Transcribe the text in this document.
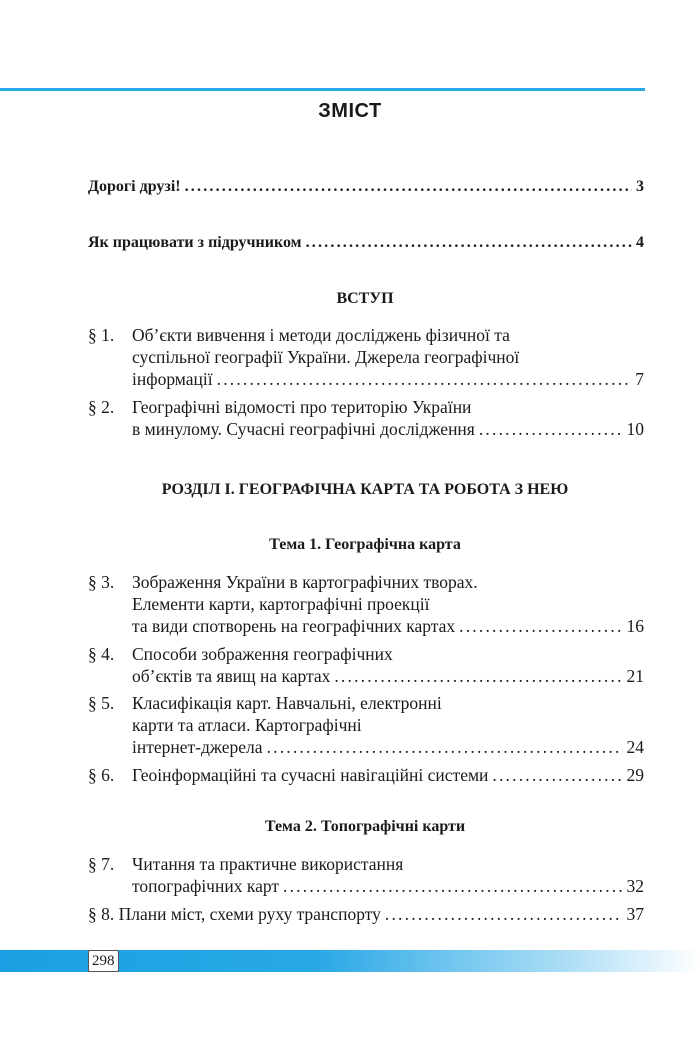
ЗМІСТ
Дорогі друзі! .....	3
Як працювати з підручником .....	4
ВСТУП
§ 1.	Об’єкти вивчення і методи досліджень фізичної та
суспільної географії України. Джерела географічної
інформації .....	7
§ 2.	Географічні відомості про територію України
в минулому. Сучасні географічні дослідження .....	10
РОЗДІЛ І. ГЕОГРАФІЧНА КАРТА ТА РОБОТА З НЕЮ
Тема 1. Географічна карта
§ 3.	Зображення України в картографічних творах.
Елементи карти, картографічні проекції
та види спотворень на географічних картах .....	16
§ 4.	Способи зображення географічних
об’єктів та явищ на картах .....	21
§ 5.	Класифікація карт. Навчальні, електронні
карти та атласи. Картографічні
інтернет-джерела .....	24
§ 6.	Геоінформаційні та сучасні навігаційні системи .....	29
Тема 2. Топографічні карти
§ 7.	Читання та практичне використання
топографічних карт .....	32
§ 8.
Плани міст, схеми руху транспорту .....	37
298
